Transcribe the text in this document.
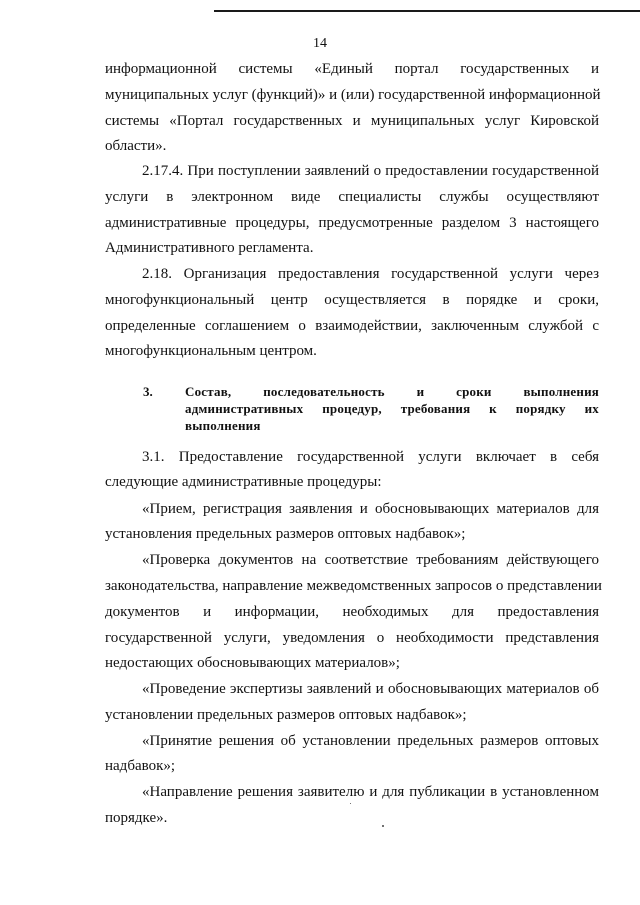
14
информационной системы «Единый портал государственных и
муниципальных услуг (функций)» и (или) государственной информационной
системы «Портал государственных и муниципальных услуг Кировской
области».
2.17.4. При поступлении заявлений о предоставлении государственной
услуги в электронном виде специалисты службы осуществляют
административные процедуры, предусмотренные разделом 3 настоящего
Административного регламента.
2.18. Организация предоставления государственной услуги через
многофункциональный центр осуществляется в порядке и сроки,
определенные соглашением о взаимодействии, заключенным службой с
многофункциональным центром.
3. Состав, последовательность и сроки выполнения
административных процедур, требования к порядку их
выполнения
3.1. Предоставление государственной услуги включает в себя
следующие административные процедуры:
«Прием, регистрация заявления и обосновывающих материалов для
установления предельных размеров оптовых надбавок»;
«Проверка документов на соответствие требованиям действующего
законодательства, направление межведомственных запросов о представлении
документов и информации, необходимых для предоставления
государственной услуги, уведомления о необходимости представления
недостающих обосновывающих материалов»;
«Проведение экспертизы заявлений и обосновывающих материалов об
установлении предельных размеров оптовых надбавок»;
«Принятие решения об установлении предельных размеров оптовых
надбавок»;
«Направление решения заявителю и для публикации в установленном
порядке».
